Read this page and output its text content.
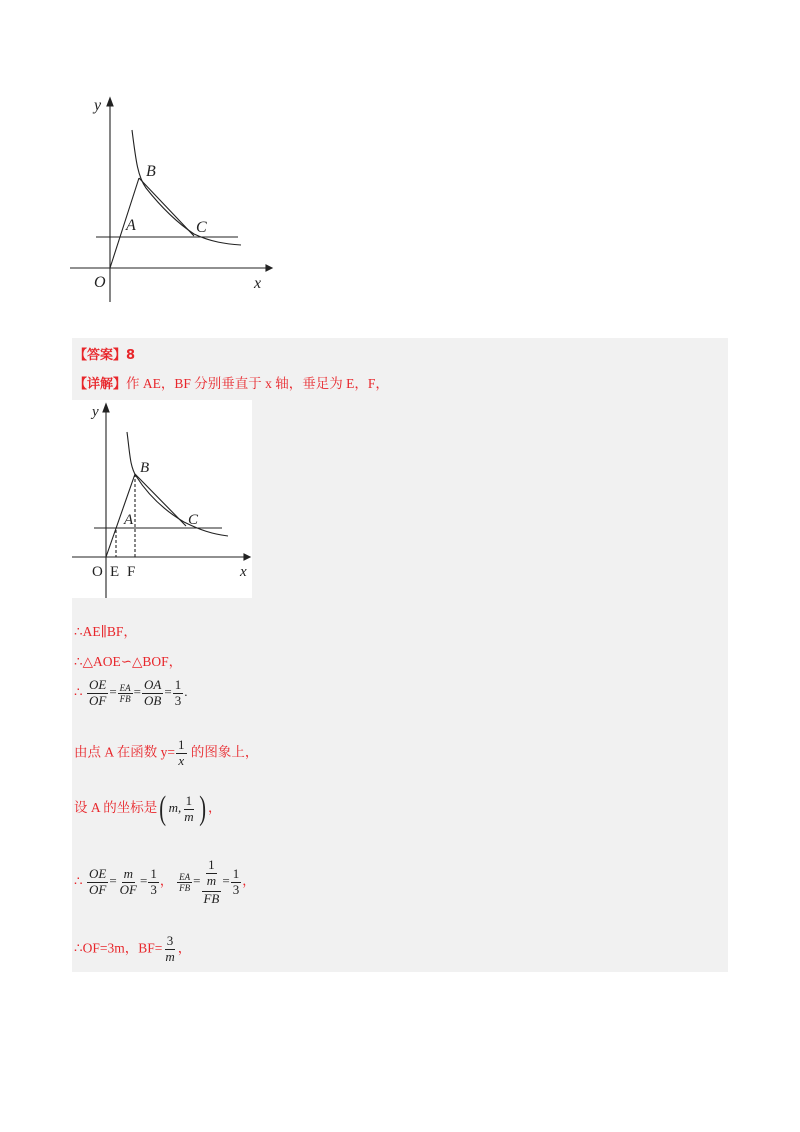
y
x
O
A
B
C
【答案】8
【详解】作 AE，BF 分别垂直于 x 轴，垂足为 E，F，
y
x
O E F
A
B
C
∴AE∥BF，
∴△AOE∽△BOF，
∴ $\frac{OE}{OF} = \frac{EA}{FB} = \frac{OA}{OB} = \frac{1}{3}$ .
由点 A 在函数 $y= \frac{1}{x}$ 的图象上，
设 A 的坐标是( m, $\frac{1}{m}$ ) ，
∴ $\frac{OE}{OF} = \frac{m}{OF} = \frac{1}{3}$ ， $\frac{EA}{FB} = \frac{\frac{1}{m}}{FB} = \frac{1}{3}$ ，
∴OF=3m，$BF= \frac{3}{m}$ ，
